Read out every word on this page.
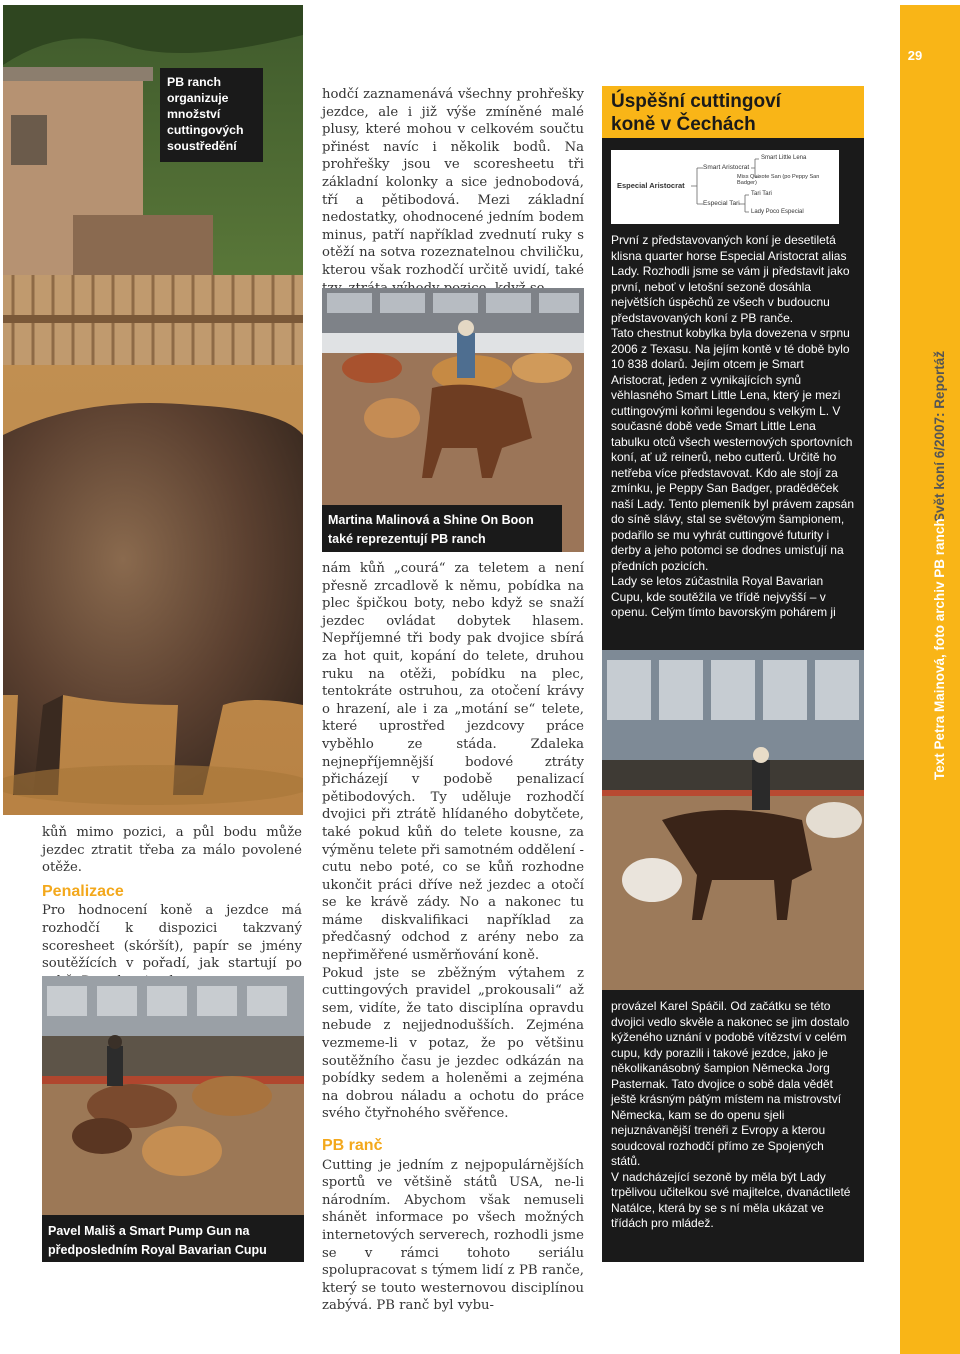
29
Svět koní 6/2007: Reportáž
Text Petra Mainová, foto archiv PB ranch
PB ranch organizuje množství cuttingových soustředění

kůň mimo pozici, a půl bodu může jezdec ztratit třeba za málo povolené otěže.

Penalizace

Pro hodnocení koně a jezdce má rozhodčí k dispozici takzvaný scoresheet (skóršít), papír se jmény soutěžících v pořadí, jak startují po

Pavel Mališ a Smart Pump Gun na předposledním Royal Bavarian Cupu

hodčí zaznamenává všechny prohřešky jezdce, ale i již výše zmíněné malé plusy, které mohou v celkovém součtu přinést navíc i několik bodů. Na prohřešky jsou ve scoresheetu tři základní kolonky a sice jednobodová, tří a pětibodová. Mezi základní nedostatky, ohodnocené jedním bodem minus, patří například zvednutí ruky s otěží na sotva rozeznatelnou chviličku, kterou však rozhodčí určitě uvidí, také

Martina Malinová a Shine On Boon také reprezentují PB ranch

nám kůň „courá“ za teletem a není přesně zrcadlově k němu, pobídka na plec špičkou boty, nebo když se snaží jezdec ovládat dobytek hlasem. Nepříjemné tři body pak dvojice sbírá za hot quit, kopání do telete, druhou ruku na otěži, pobídku na plec, tentokráte ostruhou, za otočení krávy o hrazení, ale i za „motání se“ telete, které uprostřed jezdcovy práce vyběhlo ze stáda. Zdaleka nejnepříjemnější bodové ztráty přicházejí v podobě penalizací pětibodových. Ty uděluje rozhodčí dvojici při ztrátě hlídaného dobytčete, také pokud kůň do telete kousne, za výměnu telete při samotném oddělení - cutu nebo poté, co se kůň rozhodne ukončit práci dříve než jezdec a otočí se ke krávě zády. No a nakonec tu máme diskvalifikaci například za předčasný odchod z arény nebo za nepřiměřené usměrňování koně.

Pokud jste se zběžným výtahem z cuttingových pravidel „prokousali“ až sem, vidíte, že tato disciplína opravdu nebude z nejjednodušších. Zejména vezmeme-li v potaz, že po většinu soutěžního času je jezdec odkázán na pobídky sedem a holeněmi a zejména na dobrou náladu a ochotu do práce svého čtyřnohého svěřence.

PB ranč

Cutting je jedním z nejpopulárnějších sportů ve většině států USA, ne-li národním. Abychom však nemuseli shánět informace po všech možných internetových serverech, rozhodli jsme se v rámci tohoto seriálu spolupracovat s týmem lidí z PB ranče, který se touto westernovou disciplínou zabývá. PB ranč byl vybu-

Úspěšní cuttingoví
koně v Čechách
Especial Aristocrat
Smart Aristocrat
Especial Tari
Smart Little Lena
Miss Quixote San (po Peppy San Badger)
Tari Tari
Lady Poco Especial

První z představovaných koní je desetiletá klisna quarter horse Especial Aristocrat alias Lady. Rozhodli jsme se vám ji představit jako první, neboť v letošní sezoně dosáhla největších úspěchů ze všech v budoucnu představovaných koní z PB ranče.

Tato chestnut kobylka byla dovezena v srpnu 2006 z Texasu. Na jejím kontě v té době bylo 10 838 dolarů. Jejím otcem je Smart Aristocrat, jeden z vynikajících synů věhlasného Smart Little Lena, který je mezi cuttingovými koňmi legendou s velkým L. V současné době vede Smart Little Lena tabulku otců všech westernových sportovních koní, ať už reinerů, nebo cutterů. Určitě ho netřeba více představovat. Kdo ale stojí za zmínku, je Peppy San Badger, praděděček naší Lady. Tento plemeník byl právem zapsán do síně slávy, stal se světovým šampionem, podařilo se mu vyhrát cuttingové futurity i derby a jeho potomci se dodnes umisťují na předních pozicích.

Lady se letos zúčastnila Royal Bavarian Cupu, kde soutěžila ve třídě nejvyšší – v openu. Celým tímto bavorským pohárem ji

provázel Karel Spáčil. Od začátku se této dvojici vedlo skvěle a nakonec se jim dostalo kýženého uznání v podobě vítězství v celém cupu, kdy porazili i takové jezdce, jako je několikanásobný šampion Německa Jorg Pasternak. Tato dvojice o sobě dala vědět ještě krásným pátým místem na mistrovství Německa, kam se do openu sjeli nejuznávanější trenéři z Evropy a kterou soudcoval rozhodčí přímo ze Spojených států.

V nadcházející sezoně by měla být Lady trpělivou učitelkou své majitelce, dvanáctileté Natálce, která by se s ní měla ukázat ve třídách pro mládež.
